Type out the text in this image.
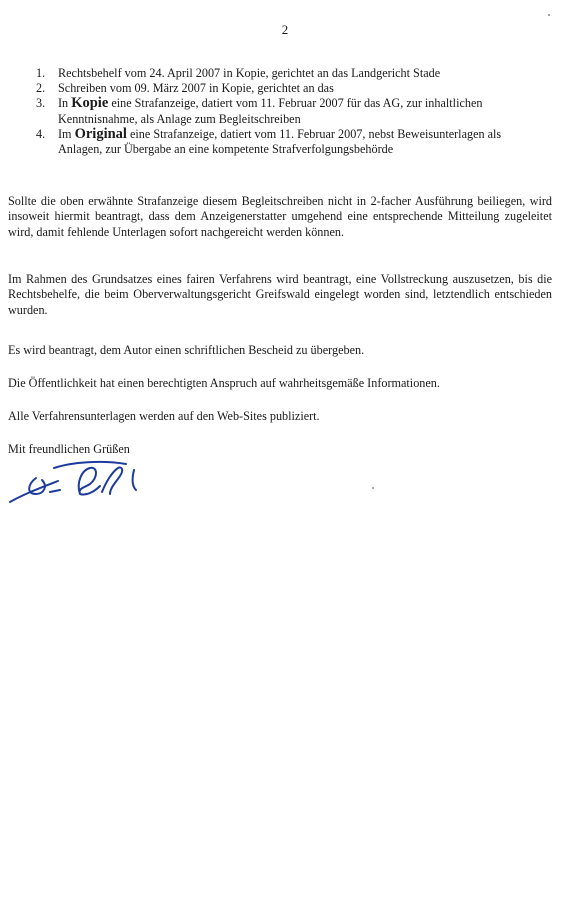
2
1. Rechtsbehelf vom 24. April 2007 in Kopie, gerichtet an das Landgericht Stade
2. Schreiben vom 09. März 2007 in Kopie, gerichtet an das
3. In Kopie eine Strafanzeige, datiert vom 11. Februar 2007 für das AG, zur inhaltlichen Kenntnisnahme, als Anlage zum Begleitschreiben
4. Im Original eine Strafanzeige, datiert vom 11. Februar 2007, nebst Beweisunterlagen als Anlagen, zur Übergabe an eine kompetente Strafverfolgungsbehörde

Sollte die oben erwähnte Strafanzeige diesem Begleitschreiben nicht in 2-facher Ausführung beiliegen, wird insoweit hiermit beantragt, dass dem Anzeigenerstatter umgehend eine entsprechende Mitteilung zugeleitet wird, damit fehlende Unterlagen sofort nachgereicht werden können.

Im Rahmen des Grundsatzes eines fairen Verfahrens wird beantragt, eine Vollstreckung auszusetzen, bis die Rechtsbehelfe, die beim Oberverwaltungsgericht Greifswald eingelegt worden sind, letztendlich entschieden wurden.

Es wird beantragt, dem Autor einen schriftlichen Bescheid zu übergeben.

Die Öffentlichkeit hat einen berechtigten Anspruch auf wahrheitsgemäße Informationen.

Alle Verfahrensunterlagen werden auf den Web-Sites publiziert.

Mit freundlichen Grüßen
